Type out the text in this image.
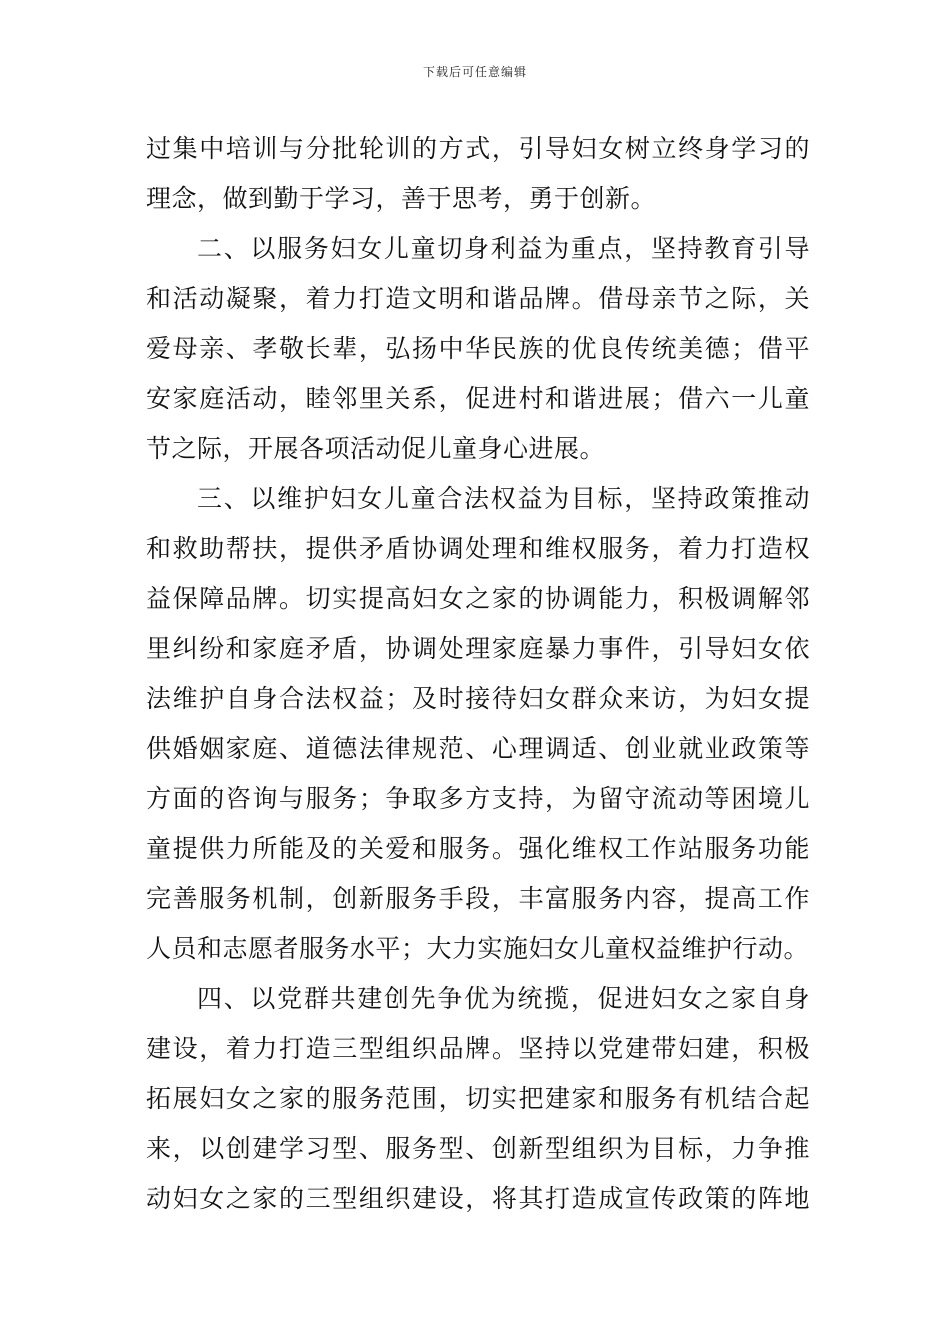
下载后可任意编辑
过集中培训与分批轮训的方式，引导妇女树立终身学习的
理念，做到勤于学习，善于思考，勇于创新。
二、以服务妇女儿童切身利益为重点，坚持教育引导
和活动凝聚，着力打造文明和谐品牌。借母亲节之际，关
爱母亲、孝敬长辈，弘扬中华民族的优良传统美德；借平
安家庭活动，睦邻里关系，促进村和谐进展；借六一儿童
节之际，开展各项活动促儿童身心进展。
三、以维护妇女儿童合法权益为目标，坚持政策推动
和救助帮扶，提供矛盾协调处理和维权服务，着力打造权
益保障品牌。切实提高妇女之家的协调能力，积极调解邻
里纠纷和家庭矛盾，协调处理家庭暴力事件，引导妇女依
法维护自身合法权益；及时接待妇女群众来访，为妇女提
供婚姻家庭、道德法律规范、心理调适、创业就业政策等
方面的咨询与服务；争取多方支持，为留守流动等困境儿
童提供力所能及的关爱和服务。强化维权工作站服务功能
完善服务机制，创新服务手段，丰富服务内容，提高工作
人员和志愿者服务水平；大力实施妇女儿童权益维护行动。
四、以党群共建创先争优为统揽，促进妇女之家自身
建设，着力打造三型组织品牌。坚持以党建带妇建，积极
拓展妇女之家的服务范围，切实把建家和服务有机结合起
来，以创建学习型、服务型、创新型组织为目标，力争推
动妇女之家的三型组织建设，将其打造成宣传政策的阵地
